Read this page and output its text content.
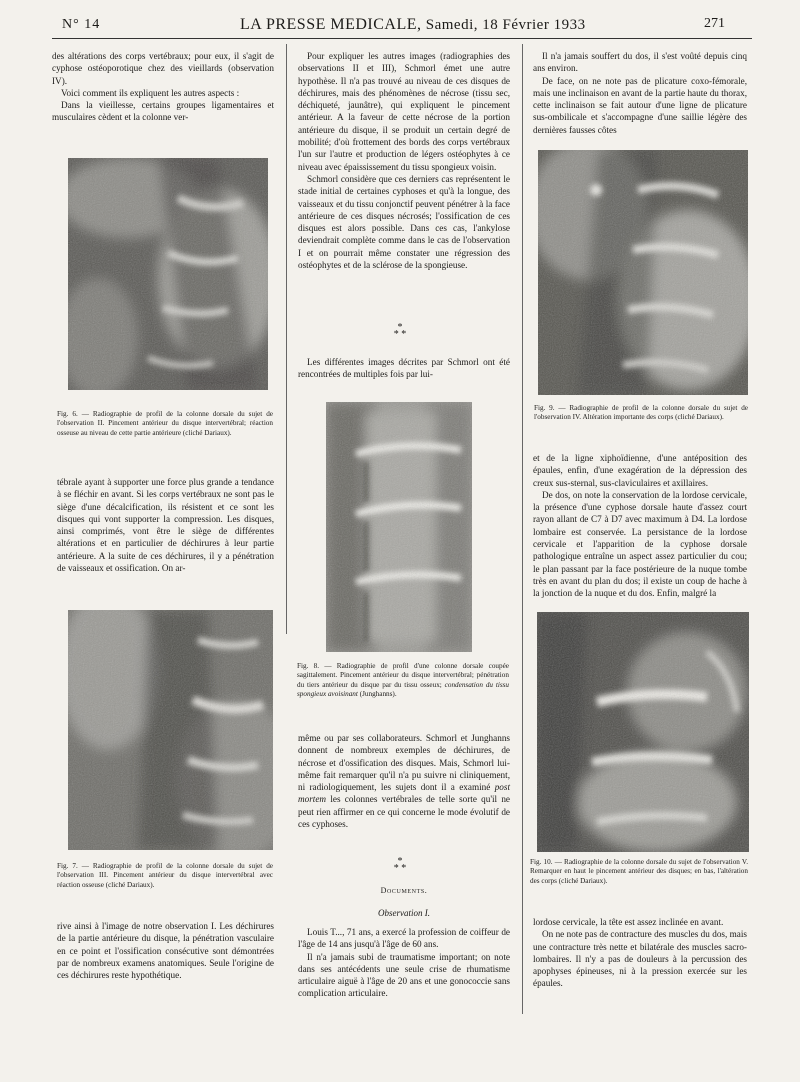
N° 14	LA PRESSE MEDICALE, Samedi, 18 Février 1933	271

des altérations des corps vertébraux; pour eux, il s'agit de cyphose ostéoporotique chez des vieillards (observation IV).

Voici comment ils expliquent les autres aspects :

Dans la vieillesse, certains groupes ligamentaires et musculaires cèdent et la colonne ver-

Fig. 6. — Radiographie de profil de la colonne dorsale du sujet de l'observation II. Pincement antérieur du disque intervertébral; réaction osseuse au niveau de cette partie antérieure (cliché Dariaux).

tébrale ayant à supporter une force plus grande a tendance à se fléchir en avant. Si les corps vertébraux ne sont pas le siège d'une décalcification, ils résistent et ce sont les disques qui vont supporter la compression. Les disques, ainsi comprimés, vont être le siège de différentes altérations et en particulier de déchirures à leur partie antérieure. A la suite de ces déchirures, il y a pénétration de vaisseaux et ossification. On ar-

Fig. 7. — Radiographie de profil de la colonne dorsale du sujet de l'observation III. Pincement antérieur du disque intervertébral avec réaction osseuse (cliché Dariaux).

rive ainsi à l'image de notre observation I. Les déchirures de la partie antérieure du disque, la pénétration vasculaire en ce point et l'ossification consécutive sont démontrées par de nombreux examens anatomiques. Seule l'origine de ces déchirures reste hypothétique.

Pour expliquer les autres images (radiographies des observations II et III), Schmorl émet une autre hypothèse. Il n'a pas trouvé au niveau de ces disques de déchirures, mais des phénomènes de nécrose (tissu sec, déchiqueté, jaunâtre), qui expliquent le pincement antérieur. A la faveur de cette nécrose de la portion antérieure du disque, il se produit un certain degré de mobilité; d'où frottement des bords des corps vertébraux l'un sur l'autre et production de légers ostéophytes à ce niveau avec épaississement du tissu spongieux voisin.

Schmorl considère que ces derniers cas représentent le stade initial de certaines cyphoses et qu'à la longue, des vaisseaux et du tissu conjonctif peuvent pénétrer à la face antérieure de ces disques nécrosés; l'ossification de ces disques est alors possible. Dans ces cas, l'ankylose deviendrait complète comme dans le cas de l'observation I et on pourrait même constater une régression des ostéophytes et de la sclérose de la spongieuse.

*
* *

Les différentes images décrites par Schmorl ont été rencontrées de multiples fois par lui-

Fig. 8. — Radiographie de profil d'une colonne dorsale coupée sagittalement. Pincement antérieur du disque intervertébral; pénétration du tiers antérieur du disque par du tissu osseux; condensation du tissu spongieux avoisinant (Junghanns).

même ou par ses collaborateurs. Schmorl et Junghanns donnent de nombreux exemples de déchirures, de nécrose et d'ossification des disques. Mais, Schmorl lui-même fait remarquer qu'il n'a pu suivre ni cliniquement, ni radiologiquement, les sujets dont il a examiné post mortem les colonnes vertébrales de telle sorte qu'il ne peut rien affirmer en ce qui concerne le mode évolutif de ces cyphoses.

*
* *
Documents.
Observation I.

Louis T..., 71 ans, a exercé la profession de coiffeur de l'âge de 14 ans jusqu'à l'âge de 60 ans.

Il n'a jamais subi de traumatisme important; on note dans ses antécédents une seule crise de rhumatisme articulaire aiguë à l'âge de 20 ans et une gonococcie sans complication articulaire.

Il n'a jamais souffert du dos, il s'est voûté depuis cinq ans environ.

De face, on ne note pas de plicature coxo-fémorale, mais une inclinaison en avant de la partie haute du thorax, cette inclinaison se fait autour d'une ligne de plicature sus-ombilicale et s'accompagne d'une saillie légère des dernières fausses côtes

Fig. 9. — Radiographie de profil de la colonne dorsale du sujet de l'observation IV. Altération importante des corps (cliché Dariaux).

et de la ligne xiphoïdienne, d'une antéposition des épaules, enfin, d'une exagération de la dépression des creux sus-sternal, sus-claviculaires et axillaires.

De dos, on note la conservation de la lordose cervicale, la présence d'une cyphose dorsale haute d'assez court rayon allant de C7 à D7 avec maximum à D4. La lordose lombaire est conservée. La persistance de la lordose cervicale et l'apparition de la cyphose dorsale pathologique entraîne un aspect assez particulier du cou; le plan passant par la face postérieure de la nuque tombe très en avant du plan du dos; il existe un coup de hache à la jonction de la nuque et du dos. Enfin, malgré la

Fig. 10. — Radiographie de la colonne dorsale du sujet de l'observation V. Remarquer en haut le pincement antérieur des disques; en bas, l'altération des corps (cliché Dariaux).

lordose cervicale, la tête est assez inclinée en avant.

On ne note pas de contracture des muscles du dos, mais une contracture très nette et bilatérale des muscles sacro-lombaires. Il n'y a pas de douleurs à la percussion des apophyses épineuses, ni à la pression exercée sur les épaules.
